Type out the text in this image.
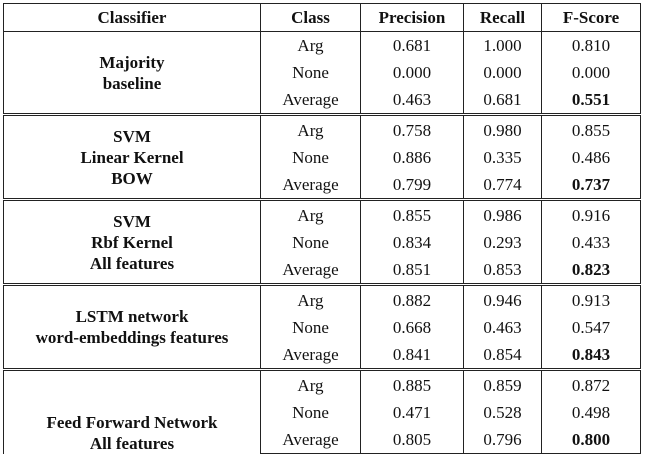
Classifier	Class	Precision	Recall	F-Score

Majority
baseline	Arg	0.681	1.000	0.810
	None	0.000	0.000	0.000
	Average	0.463	0.681	0.551

SVM
Linear Kernel
BOW	Arg	0.758	0.980	0.855
	None	0.886	0.335	0.486
	Average	0.799	0.774	0.737

SVM
Rbf Kernel
All features	Arg	0.855	0.986	0.916
	None	0.834	0.293	0.433
	Average	0.851	0.853	0.823

LSTM network
word-embeddings features	Arg	0.882	0.946	0.913
	None	0.668	0.463	0.547
	Average	0.841	0.854	0.843

Feed Forward Network
All features	Arg	0.885	0.859	0.872
	None	0.471	0.528	0.498
	Average	0.805	0.796	0.800
